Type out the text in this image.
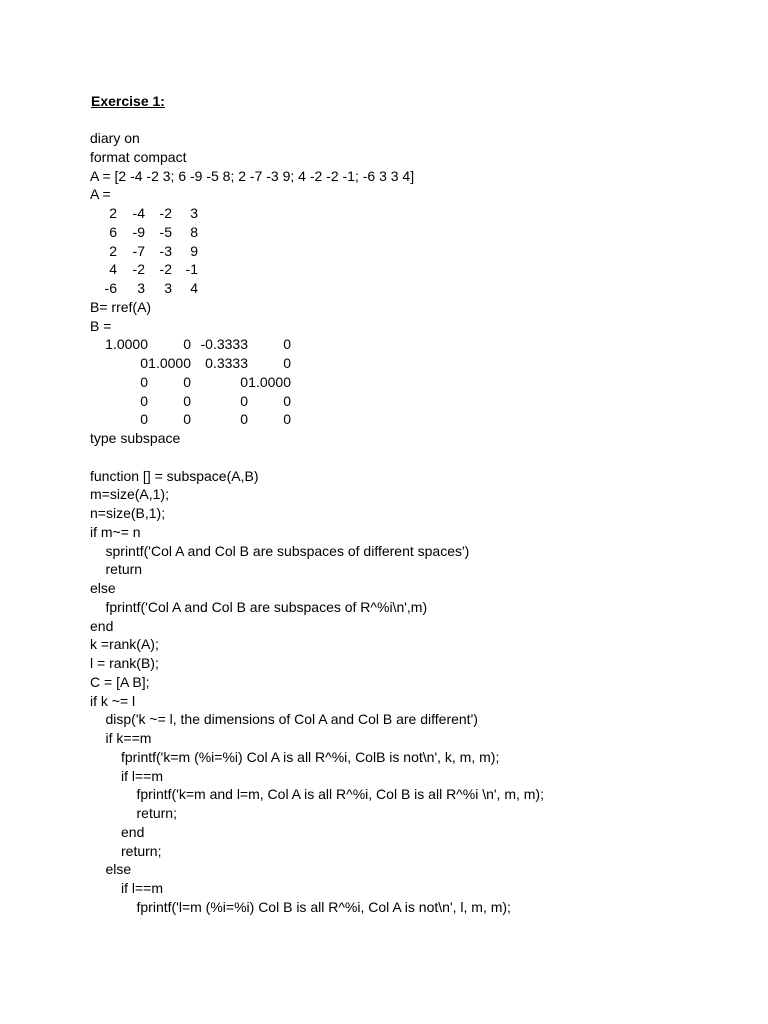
Exercise 1:
diary on
format compact
A = [2 -4 -2 3; 6 -9 -5 8; 2 -7 -3 9; 4 -2 -2 -1; -6 3 3 4]
A =
2 -4 -2 3
6 -9 -5 8
2 -7 -3 9
4 -2 -2 -1
-6 3 3 4
B= rref(A)
B =
1.0000	0 -0.3333	0
0 1.0000 0.3333	0
0	0	0 1.0000
0	0	0	0
0	0	0	0
type subspace
function [] = subspace(A,B)
m=size(A,1);
n=size(B,1);
if m~= n
sprintf('Col A and Col B are subspaces of different spaces')
return
else
fprintf('Col A and Col B are subspaces of R^%i\n',m)
end
k =rank(A);
l = rank(B);
C = [A B];
if k ~= l
disp('k ~= l, the dimensions of Col A and Col B are different')
if k==m
fprintf('k=m (%i=%i) Col A is all R^%i, ColB is not\n', k, m, m);
if l==m
fprintf('k=m and l=m, Col A is all R^%i, Col B is all R^%i \n', m, m);
return;
end
return;
else
if l==m
fprintf('l=m (%i=%i) Col B is all R^%i, Col A is not\n', l, m, m);
